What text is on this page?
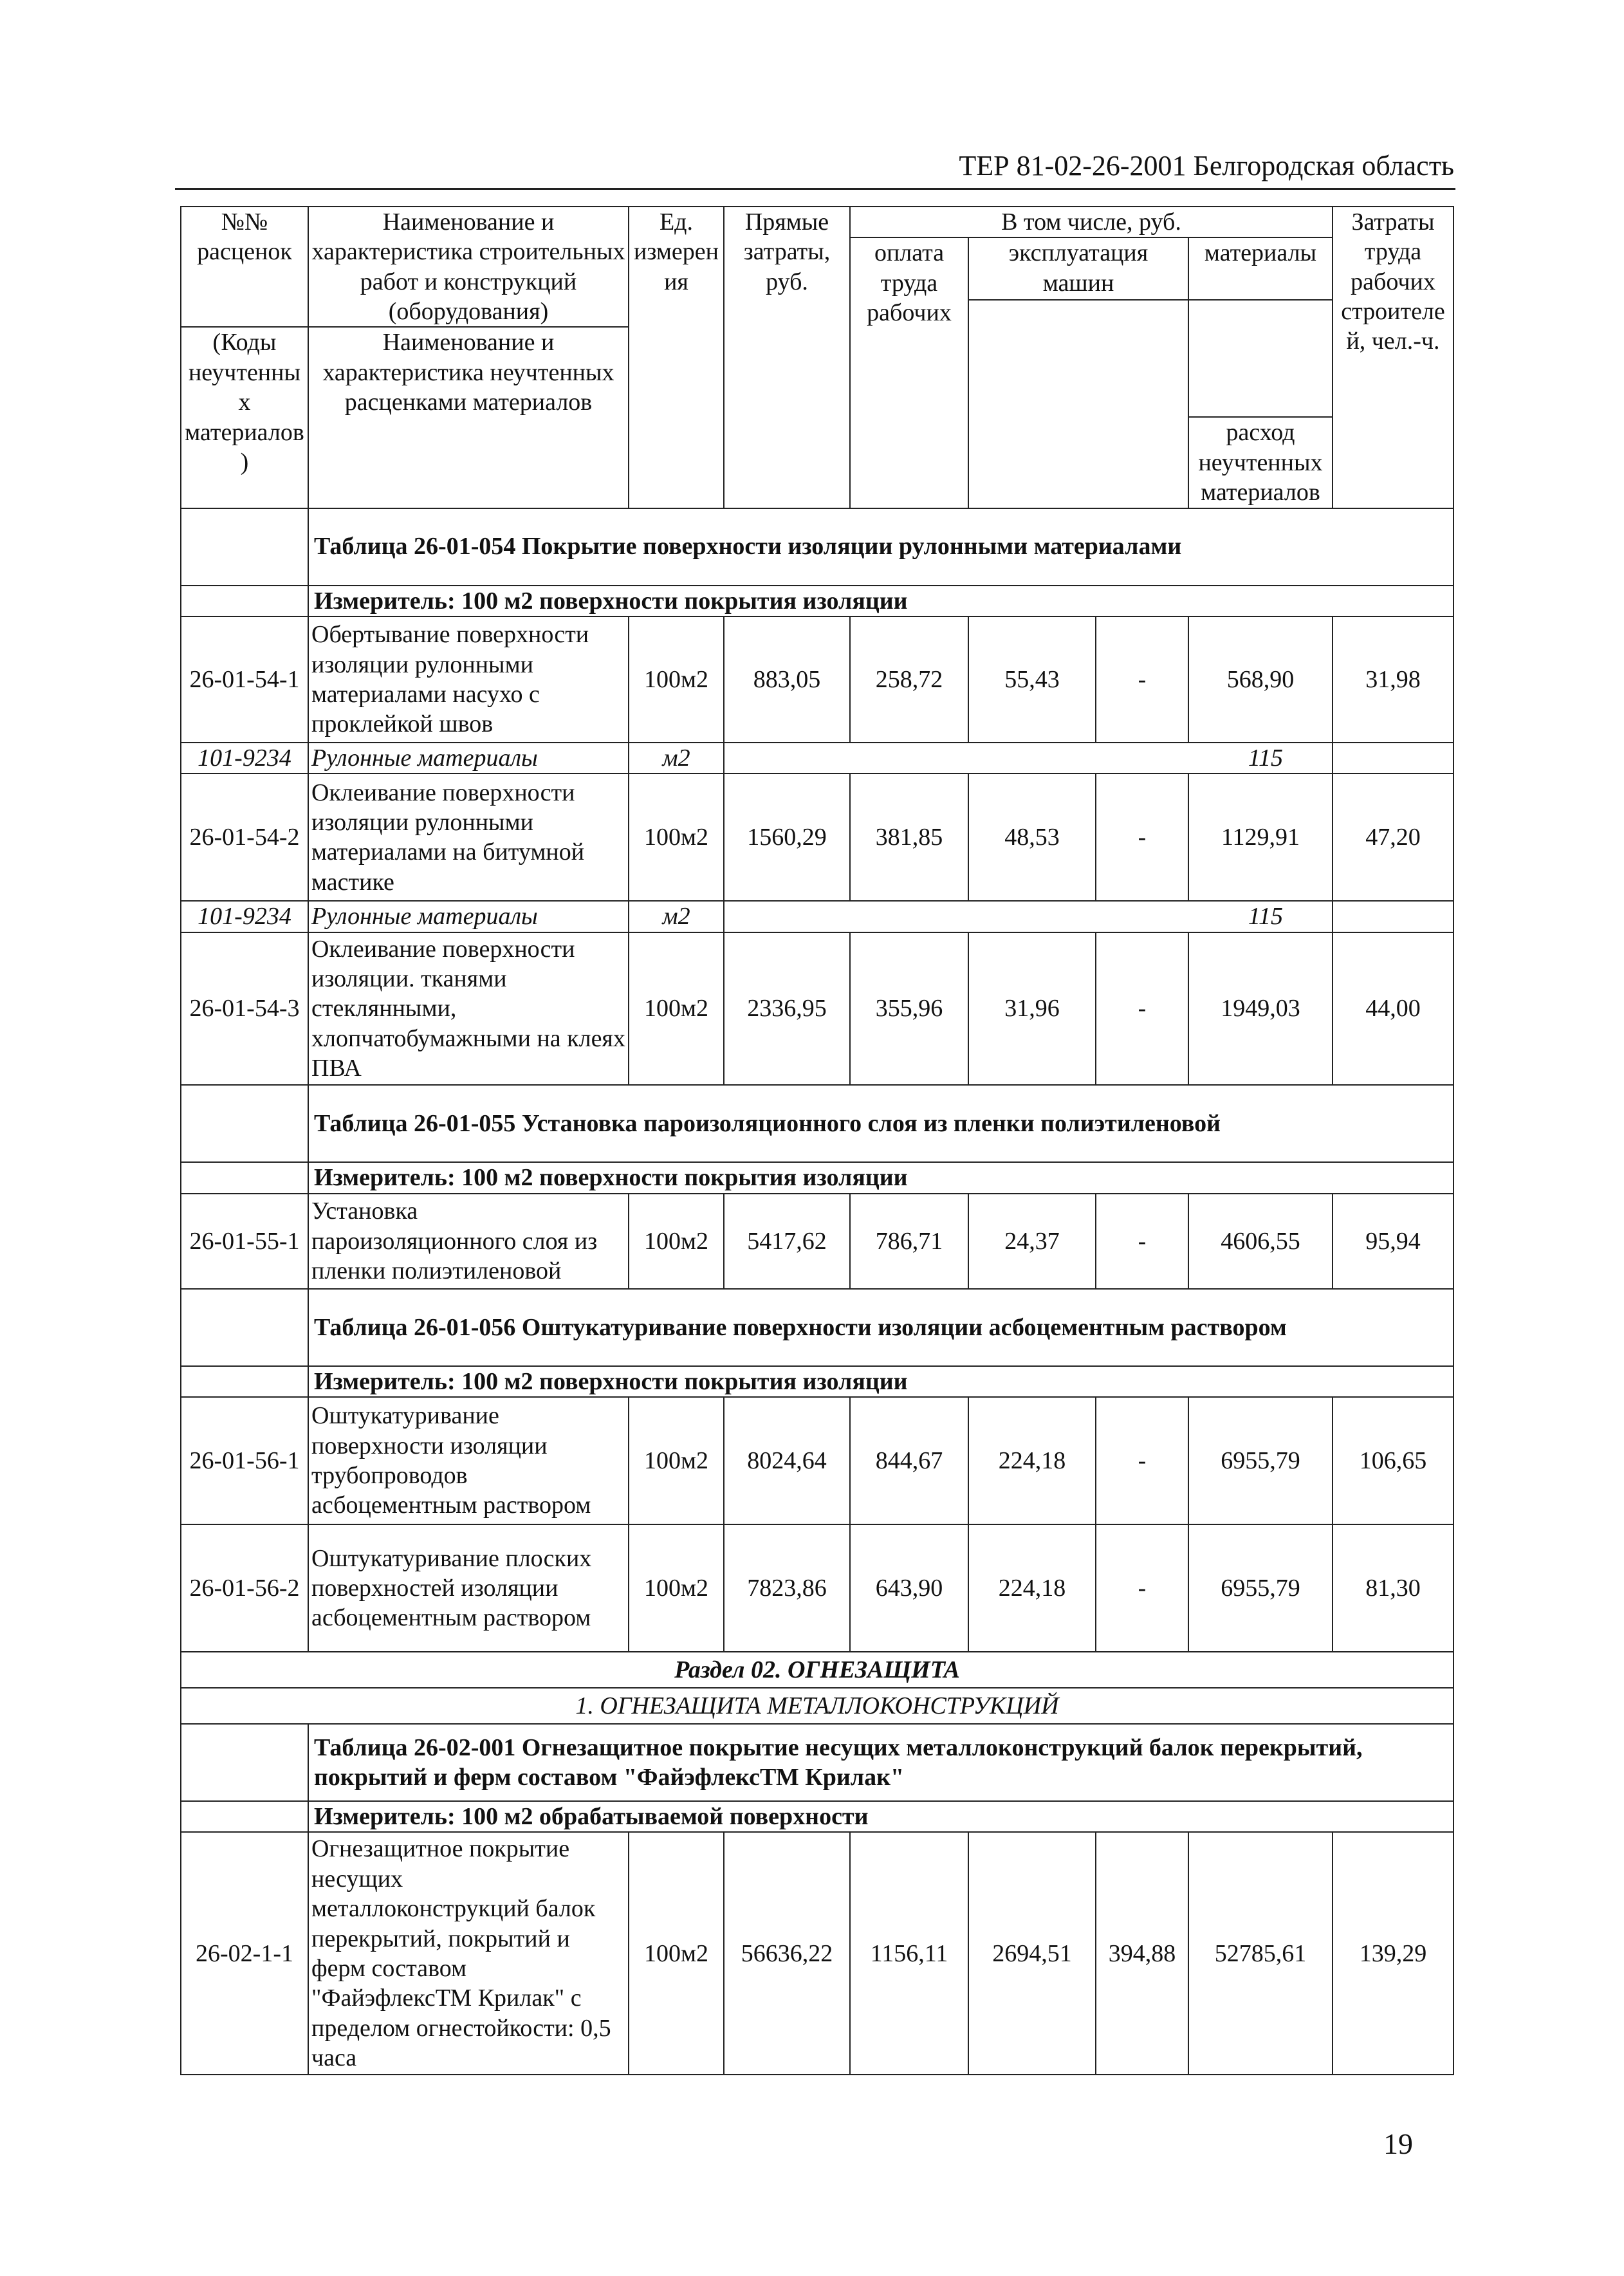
ТЕР 81-02-26-2001 Белгородская область
№№ расценок	Наименование и характеристика строительных работ и конструкций (оборудования)	Ед. измерения	Прямые затраты, руб.	В том числе, руб.				Затраты труда рабочих строителей, чел.-ч.
				оплата труда рабочих	эксплуатация машин		материалы	

(Коды неучтенных материалов)	Наименование и характеристика неучтенных расценками материалов							
							расход неучтенных материалов	
	Таблица 26-01-054 Покрытие поверхности изоляции рулонными материалами							
	Измеритель: 100 м2 поверхности покрытия изоляции							
26-01-54-1	Обертывание поверхности изоляции рулонными материалами насухо с проклейкой швов	100м2	883,05	258,72	55,43	-	568,90	31,98
101-9234	Рулонные материалы	м2	115					
26-01-54-2	Оклеивание поверхности изоляции рулонными материалами на битумной мастике	100м2	1560,29	381,85	48,53	-	1129,91	47,20
101-9234	Рулонные материалы	м2	115					
26-01-54-3	Оклеивание поверхности изоляции. тканями стеклянными, хлопчатобумажными на клеях ПВА	100м2	2336,95	355,96	31,96	-	1949,03	44,00
	Таблица 26-01-055 Установка пароизоляционного слоя из пленки полиэтиленовой							
	Измеритель: 100 м2 поверхности покрытия изоляции							
26-01-55-1	Установка пароизоляционного слоя из пленки полиэтиленовой	100м2	5417,62	786,71	24,37	-	4606,55	95,94
	Таблица 26-01-056 Оштукатуривание поверхности изоляции асбоцементным раствором							
	Измеритель: 100 м2 поверхности покрытия изоляции							
26-01-56-1	Оштукатуривание поверхности изоляции трубопроводов асбоцементным раствором	100м2	8024,64	844,67	224,18	-	6955,79	106,65
26-01-56-2	Оштукатуривание плоских поверхностей изоляции асбоцементным раствором	100м2	7823,86	643,90	224,18	-	6955,79	81,30
Раздел 02. ОГНЕЗАЩИТА								
1. ОГНЕЗАЩИТА МЕТАЛЛОКОНСТРУКЦИЙ								
	Таблица 26-02-001 Огнезащитное покрытие несущих металлоконструкций балок перекрытий, покрытий и ферм составом "ФайэфлексТМ Крилак"							
	Измеритель: 100 м2 обрабатываемой поверхности							
26-02-1-1	Огнезащитное покрытие несущих металлоконструкций балок перекрытий, покрытий и ферм составом "ФайэфлексТМ Крилак" с пределом огнестойкости: 0,5 часа	100м2	56636,22	1156,11	2694,51	394,88	52785,61	139,29
19
